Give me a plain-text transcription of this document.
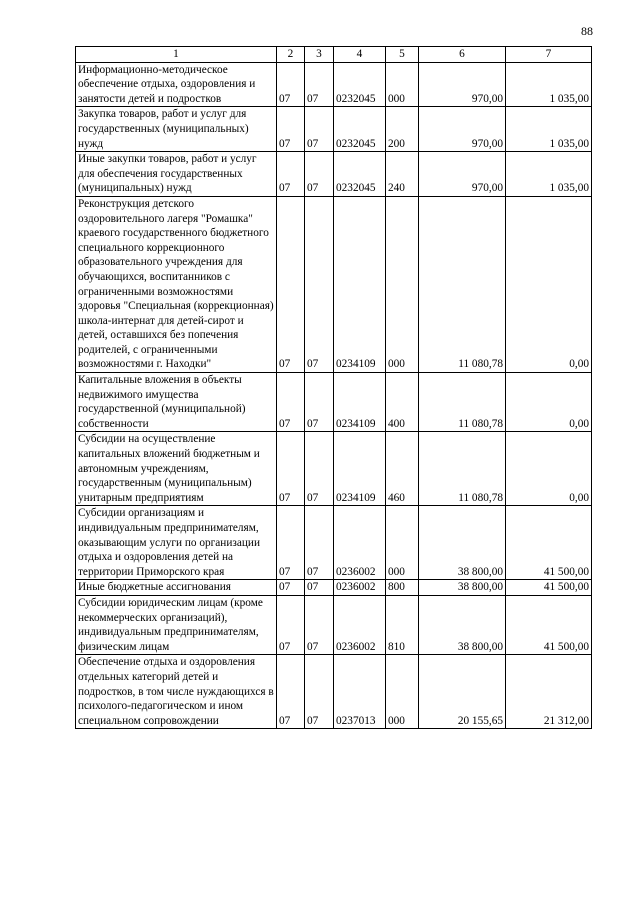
88
1	2	3	4	5	6	7

Информационно-методическое обеспечение отдыха, оздоровления и занятости детей и подростков	07	07	0232045	000	970,00	1 035,00

Закупка товаров, работ и услуг для государственных (муниципальных) нужд	07	07	0232045	200	970,00	1 035,00

Иные закупки товаров, работ и услуг для обеспечения государственных (муниципальных) нужд	07	07	0232045	240	970,00	1 035,00

Реконструкция детского оздоровительного лагеря "Ромашка" краевого государственного бюджетного специального коррекционного образовательного учреждения для обучающихся, воспитанников с ограниченными возможностями здоровья "Специальная (коррекционная) школа-интернат для детей-сирот и детей, оставшихся без попечения родителей, с ограниченными возможностями г. Находки"	07	07	0234109	000	11 080,78	0,00

Капитальные вложения в объекты недвижимого имущества государственной (муниципальной) собственности	07	07	0234109	400	11 080,78	0,00

Субсидии на осуществление капитальных вложений бюджетным и автономным учреждениям, государственным (муниципальным) унитарным предприятиям	07	07	0234109	460	11 080,78	0,00

Субсидии организациям и индивидуальным предпринимателям, оказывающим услуги по организации отдыха и оздоровления детей на территории Приморского края	07	07	0236002	000	38 800,00	41 500,00

Иные бюджетные ассигнования	07	07	0236002	800	38 800,00	41 500,00

Субсидии юридическим лицам (кроме некоммерческих организаций), индивидуальным предпринимателям, физическим лицам	07	07	0236002	810	38 800,00	41 500,00

Обеспечение отдыха и оздоровления отдельных категорий детей и подростков, в том числе нуждающихся в психолого-педагогическом и ином специальном сопровождении	07	07	0237013	000	20 155,65	21 312,00
